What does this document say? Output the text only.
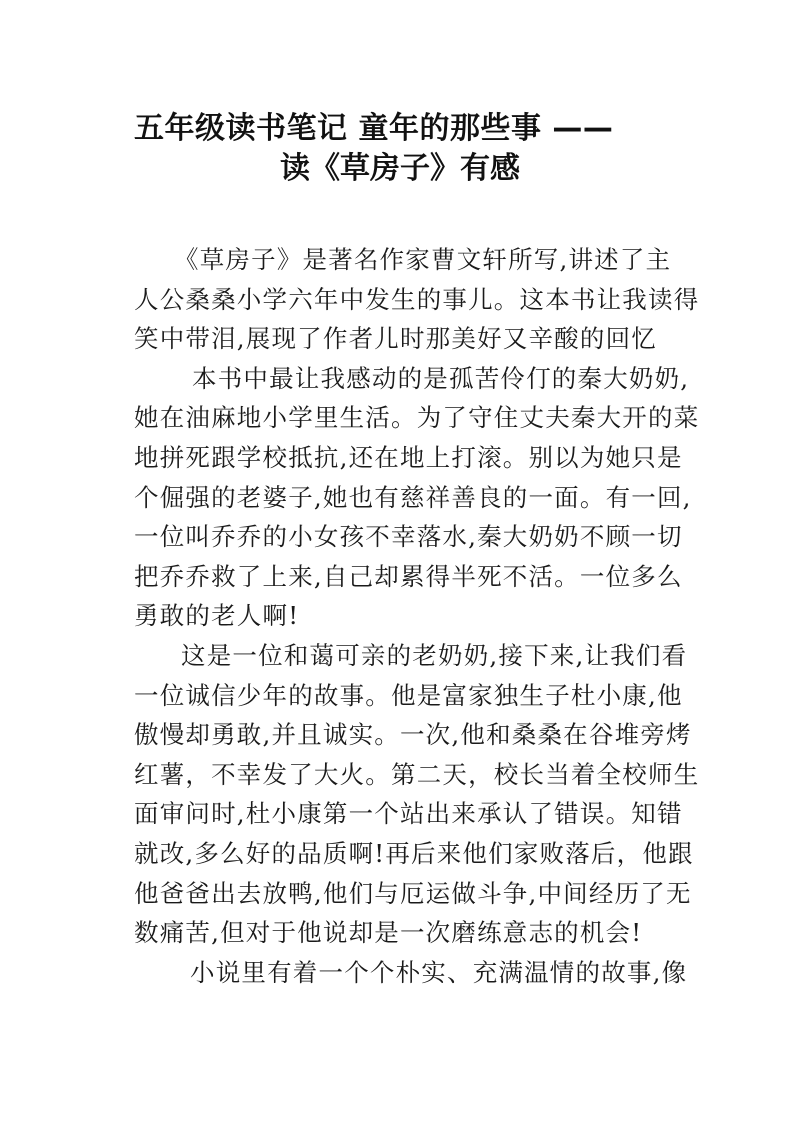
五年级读书笔记 童年的那些事 ——
读《草房子》有感
《草房子》是著名作家曹文轩所写,讲述了主
人公桑桑小学六年中发生的事儿。这本书让我读得
笑中带泪,展现了作者儿时那美好又辛酸的回忆
本书中最让我感动的是孤苦伶仃的秦大奶奶,
她在油麻地小学里生活。为了守住丈夫秦大开的菜
地拼死跟学校抵抗,还在地上打滚。别以为她只是
个倔强的老婆子,她也有慈祥善良的一面。有一回,
一位叫乔乔的小女孩不幸落水,秦大奶奶不顾一切
把乔乔救了上来,自己却累得半死不活。一位多么
勇敢的老人啊!
这是一位和蔼可亲的老奶奶,接下来,让我们看
一位诚信少年的故事。他是富家独生子杜小康,他
傲慢却勇敢,并且诚实。一次,他和桑桑在谷堆旁烤
红薯，不幸发了大火。第二天，校长当着全校师生
面审问时,杜小康第一个站出来承认了错误。知错
就改,多么好的品质啊!再后来他们家败落后，他跟
他爸爸出去放鸭,他们与厄运做斗争,中间经历了无
数痛苦,但对于他说却是一次磨练意志的机会!
小说里有着一个个朴实、充满温情的故事,像
